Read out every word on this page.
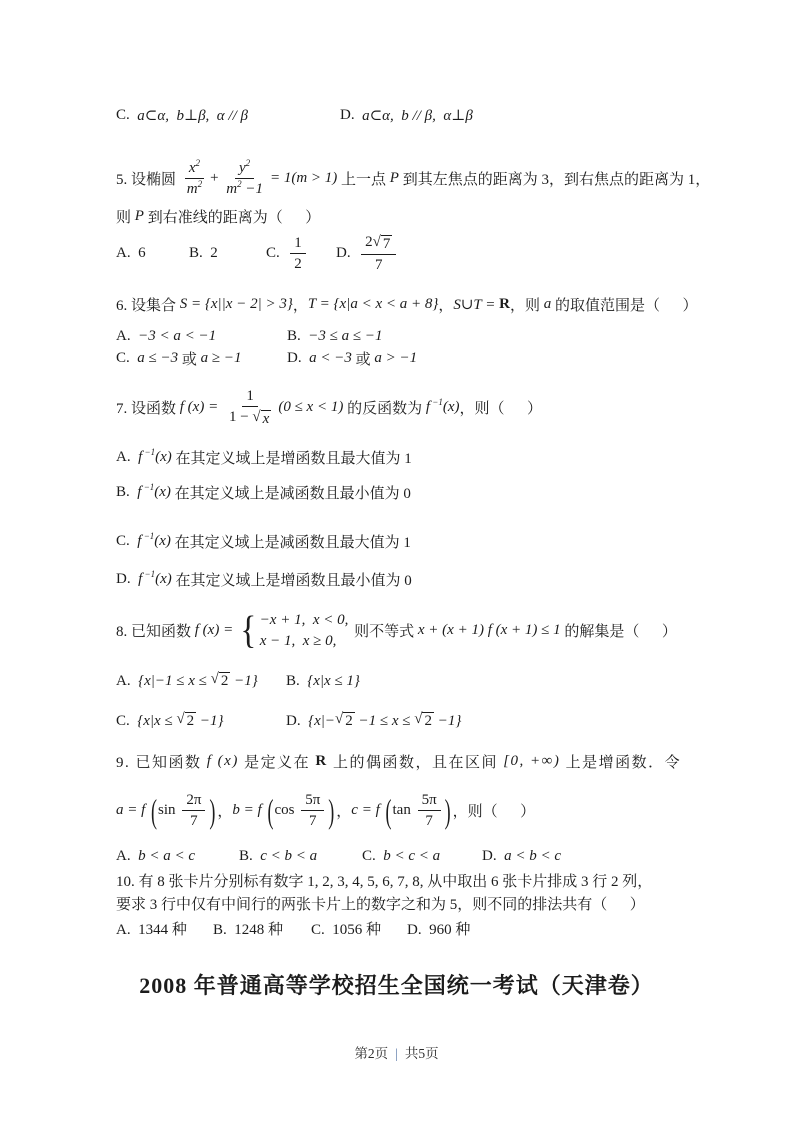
C. a⊂α,  b⊥β,  α // β	D. a⊂α,  b // β,  α⊥β
5. 设椭圆 $\frac{x^2}{m^2} + \frac{y^2}{m^2 -1} = 1(m > 1)$ 上一点 P 到其左焦点的距离为 3，到右焦点的距离为 1，
则 P 到右准线的距离为（      ）
A.  6	B.  2	C. $\frac{1}{2} D$. $\frac{2 √ 7}{7}$
6. 设集合 S = {x||x − 2| > 3} ， T = {x|a < x < a + 8} ， S∪T = R ，则 a 的取值范围是（      ）
A. −3 < a < −1	B. −3 ≤ a ≤ −1
C. a ≤ −3 或 a ≥ −1	D. a < −3 或 a > −1
7. 设函数 f $(x) = \frac{1}{1 - √ x} (0 \le x < 1)$ 的反函数为 f $^{-1}$(x) ，则（      ）
A. f $^{-1}$(x) 在其定义域上是增函数且最大值为 1
B. f $^{-1}$(x) 在其定义域上是减函数且最小值为 0
C. f $^{-1}$(x) 在其定义域上是减函数且最大值为 1
D. f $^{-1}$(x) 在其定义域上是增函数且最小值为 0
8. 已知函数 f (x) = { −x + 1,  x < 0,
x − 1,  x ≥ 0,
则不等式 x + (x + 1) f (x + 1) ≤ 1 的解集是（      ）
A. {x|−1 ≤ x ≤ √ 2 −1} B. {x|x ≤ 1}
C. {x|x ≤ √ 2 −1}	D. {x|− √ 2 −1 ≤ x ≤ √ 2 −1}
9. 已知函数 f (x) 是定义在 R 上的偶函数，且在区间 [0, +∞) 上是增函数．令
a = f ( $\sin \frac{2\pi}{7}$ ) ， b = f ( $\cos \frac{5\pi}{7}$ ) ， c = f ( $\tan \frac{5\pi}{7}$ ) ，则（      ）
A. b < a < c	B. c < b < a	C. b < c < a	D. a < b < c
10. 有 8 张卡片分别标有数字 1, 2, 3, 4, 5, 6, 7, 8, 从中取出 6 张卡片排成 3 行 2 列，
要求 3 行中仅有中间行的两张卡片上的数字之和为 5，则不同的排法共有（      ）
A.  1344 种 B.  1248 种 C.  1056 种 D.  960 种
2008 年普通高等学校招生全国统一考试（天津卷）
第2页 | 共5页
